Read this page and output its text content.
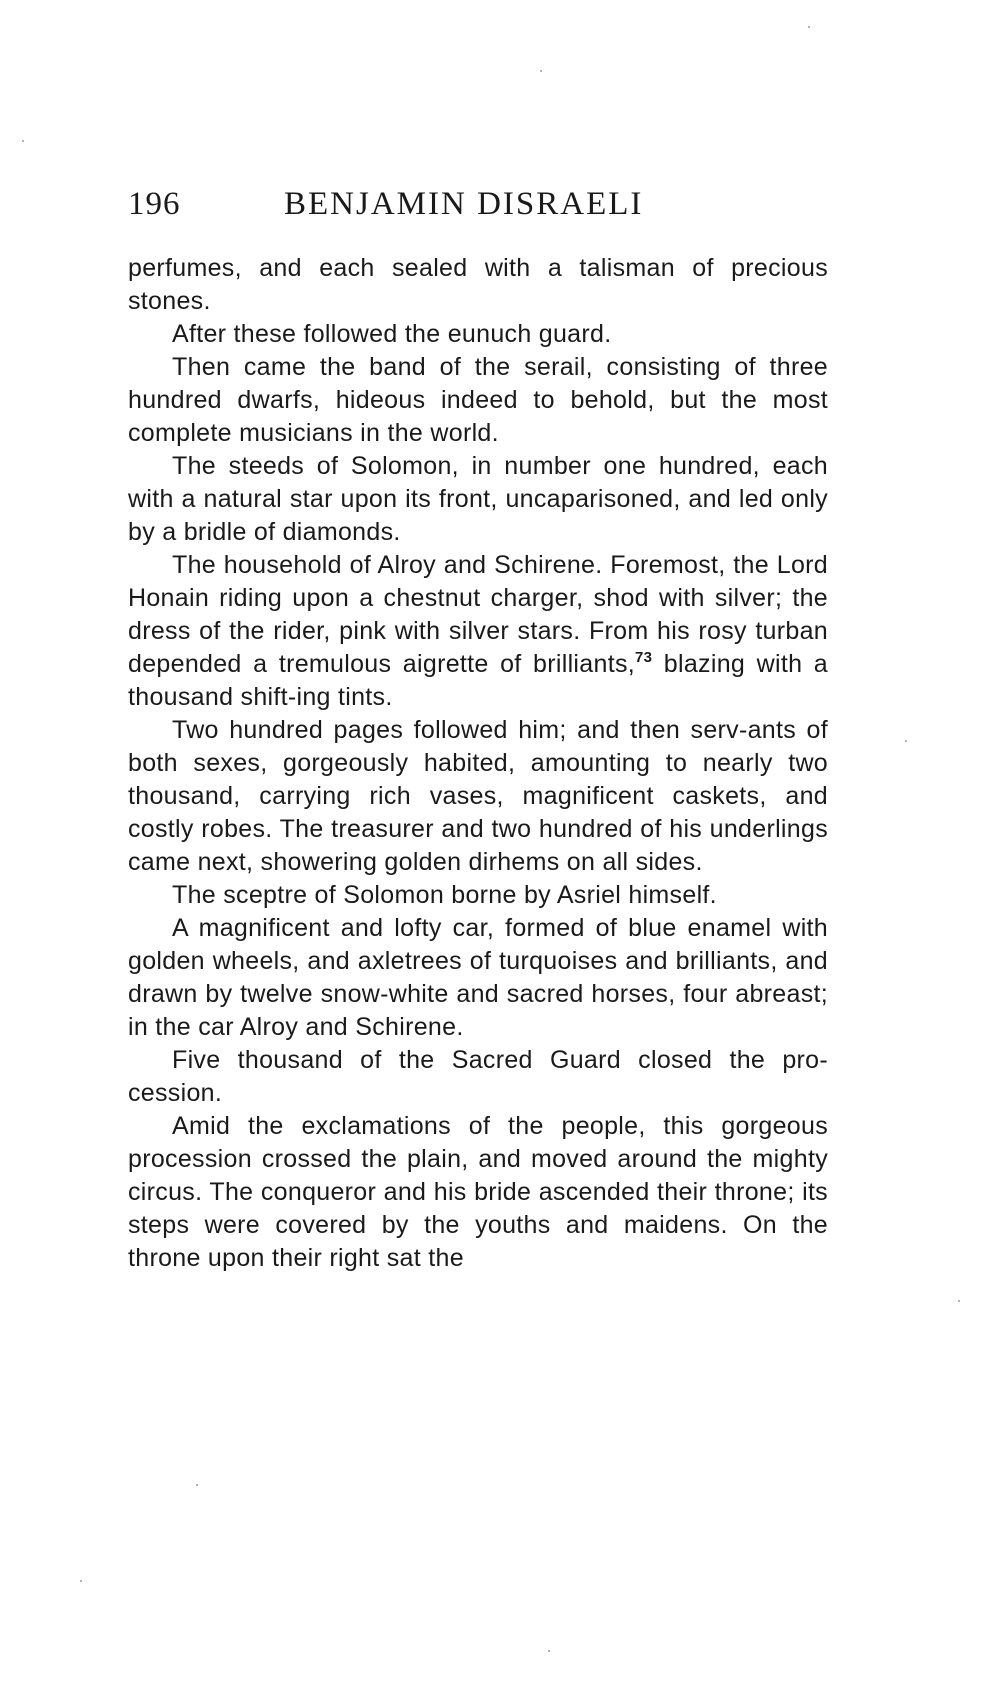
196	BENJAMIN DISRAELI

perfumes, and each sealed with a talisman of precious stones.

After these followed the eunuch guard.

Then came the band of the serail, consisting of three hundred dwarfs, hideous indeed to behold, but the most complete musicians in the world.

The steeds of Solomon, in number one hundred, each with a natural star upon its front, uncaparisoned, and led only by a bridle of diamonds.

The household of Alroy and Schirene. Foremost, the Lord Honain riding upon a chestnut charger, shod with silver; the dress of the rider, pink with silver stars. From his rosy turban depended a tremulous aigrette of brilliants,$^{73}$ blazing with a thousand shift-ing tints.

Two hundred pages followed him; and then serv-ants of both sexes, gorgeously habited, amounting to nearly two thousand, carrying rich vases, magnificent caskets, and costly robes. The treasurer and two hundred of his underlings came next, showering golden dirhems on all sides.

The sceptre of Solomon borne by Asriel himself.

A magnificent and lofty car, formed of blue enamel with golden wheels, and axletrees of turquoises and brilliants, and drawn by twelve snow-white and sacred horses, four abreast; in the car Alroy and Schirene.

Five thousand of the Sacred Guard closed the pro-cession.

Amid the exclamations of the people, this gorgeous procession crossed the plain, and moved around the mighty circus. The conqueror and his bride ascended their throne; its steps were covered by the youths and maidens. On the throne upon their right sat the
